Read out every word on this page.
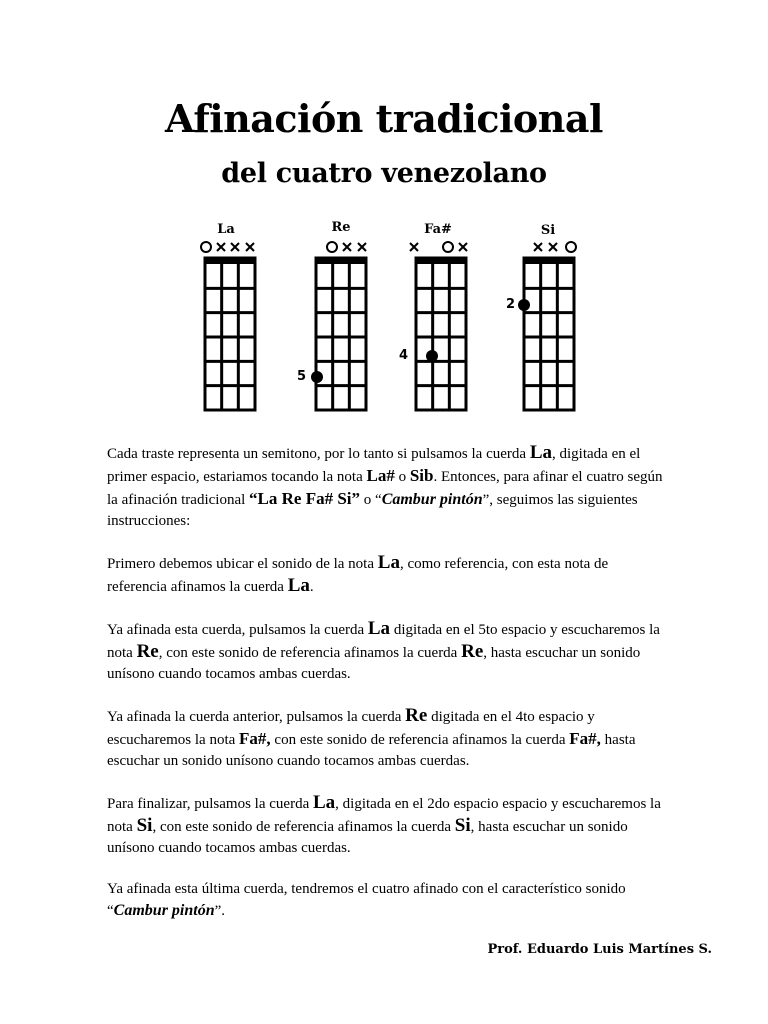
Afinación tradicional
del cuatro venezolano
La	Re	Fa#	Si
5
4
2

Cada traste representa un semitono, por lo tanto si pulsamos la cuerda La, digitada en el primer espacio, estariamos tocando la nota La# o Sib. Entonces, para afinar el cuatro según la afinación tradicional “La Re Fa# Si” o “Cambur pintón”, seguimos las siguientes instrucciones:

Primero debemos ubicar el sonido de la nota La, como referencia, con esta nota de referencia afinamos la cuerda La.

Ya afinada esta cuerda, pulsamos la cuerda La digitada en el 5to espacio y escucharemos la nota Re, con este sonido de referencia afinamos la cuerda Re, hasta escuchar un sonido unísono cuando tocamos ambas cuerdas.

Ya afinada la cuerda anterior, pulsamos la cuerda Re digitada en el 4to espacio y escucharemos la nota Fa#, con este sonido de referencia afinamos la cuerda Fa#, hasta escuchar un sonido unísono cuando tocamos ambas cuerdas.

Para finalizar, pulsamos la cuerda La, digitada en el 2do espacio espacio y escucharemos la nota Si, con este sonido de referencia afinamos la cuerda Si, hasta escuchar un sonido unísono cuando tocamos ambas cuerdas.

Ya afinada esta última cuerda, tendremos el cuatro afinado con el característico sonido “Cambur pintón”.

Prof. Eduardo Luis Martínes S.
